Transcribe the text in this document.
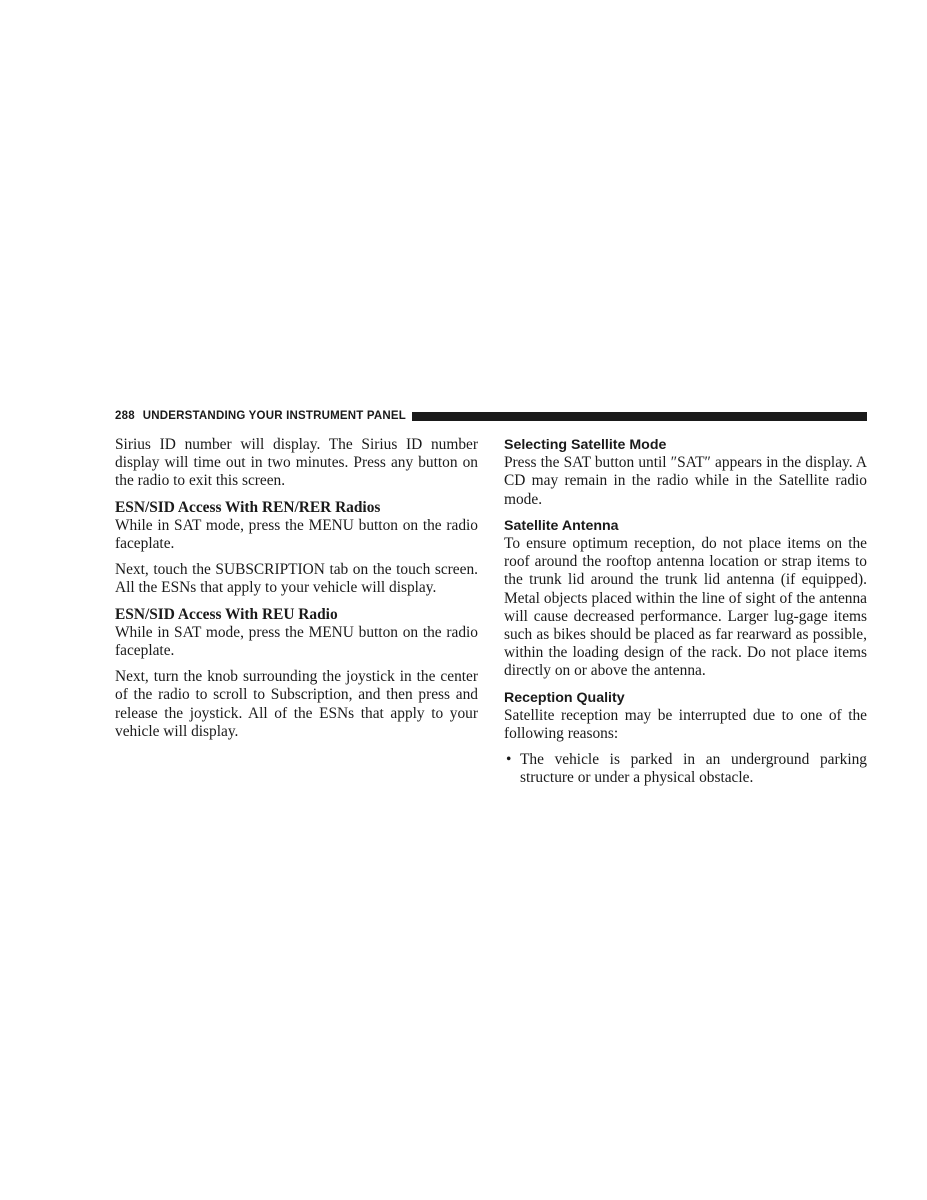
288 UNDERSTANDING YOUR INSTRUMENT PANEL

Sirius ID number will display. The Sirius ID number display will time out in two minutes. Press any button on the radio to exit this screen.

ESN/SID Access With REN/RER Radios

While in SAT mode, press the MENU button on the radio faceplate.

Next, touch the SUBSCRIPTION tab on the touch screen. All the ESNs that apply to your vehicle will display.

ESN/SID Access With REU Radio

While in SAT mode, press the MENU button on the radio faceplate.

Next, turn the knob surrounding the joystick in the center of the radio to scroll to Subscription, and then press and release the joystick. All of the ESNs that apply to your vehicle will display.

Selecting Satellite Mode

Press the SAT button until ″SAT″ appears in the display. A CD may remain in the radio while in the Satellite radio mode.

Satellite Antenna

To ensure optimum reception, do not place items on the roof around the rooftop antenna location or strap items to the trunk lid around the trunk lid antenna (if equipped). Metal objects placed within the line of sight of the antenna will cause decreased performance. Larger lug-gage items such as bikes should be placed as far rearward as possible, within the loading design of the rack. Do not place items directly on or above the antenna.

Reception Quality

Satellite reception may be interrupted due to one of the following reasons:

• The vehicle is parked in an underground parking structure or under a physical obstacle.
